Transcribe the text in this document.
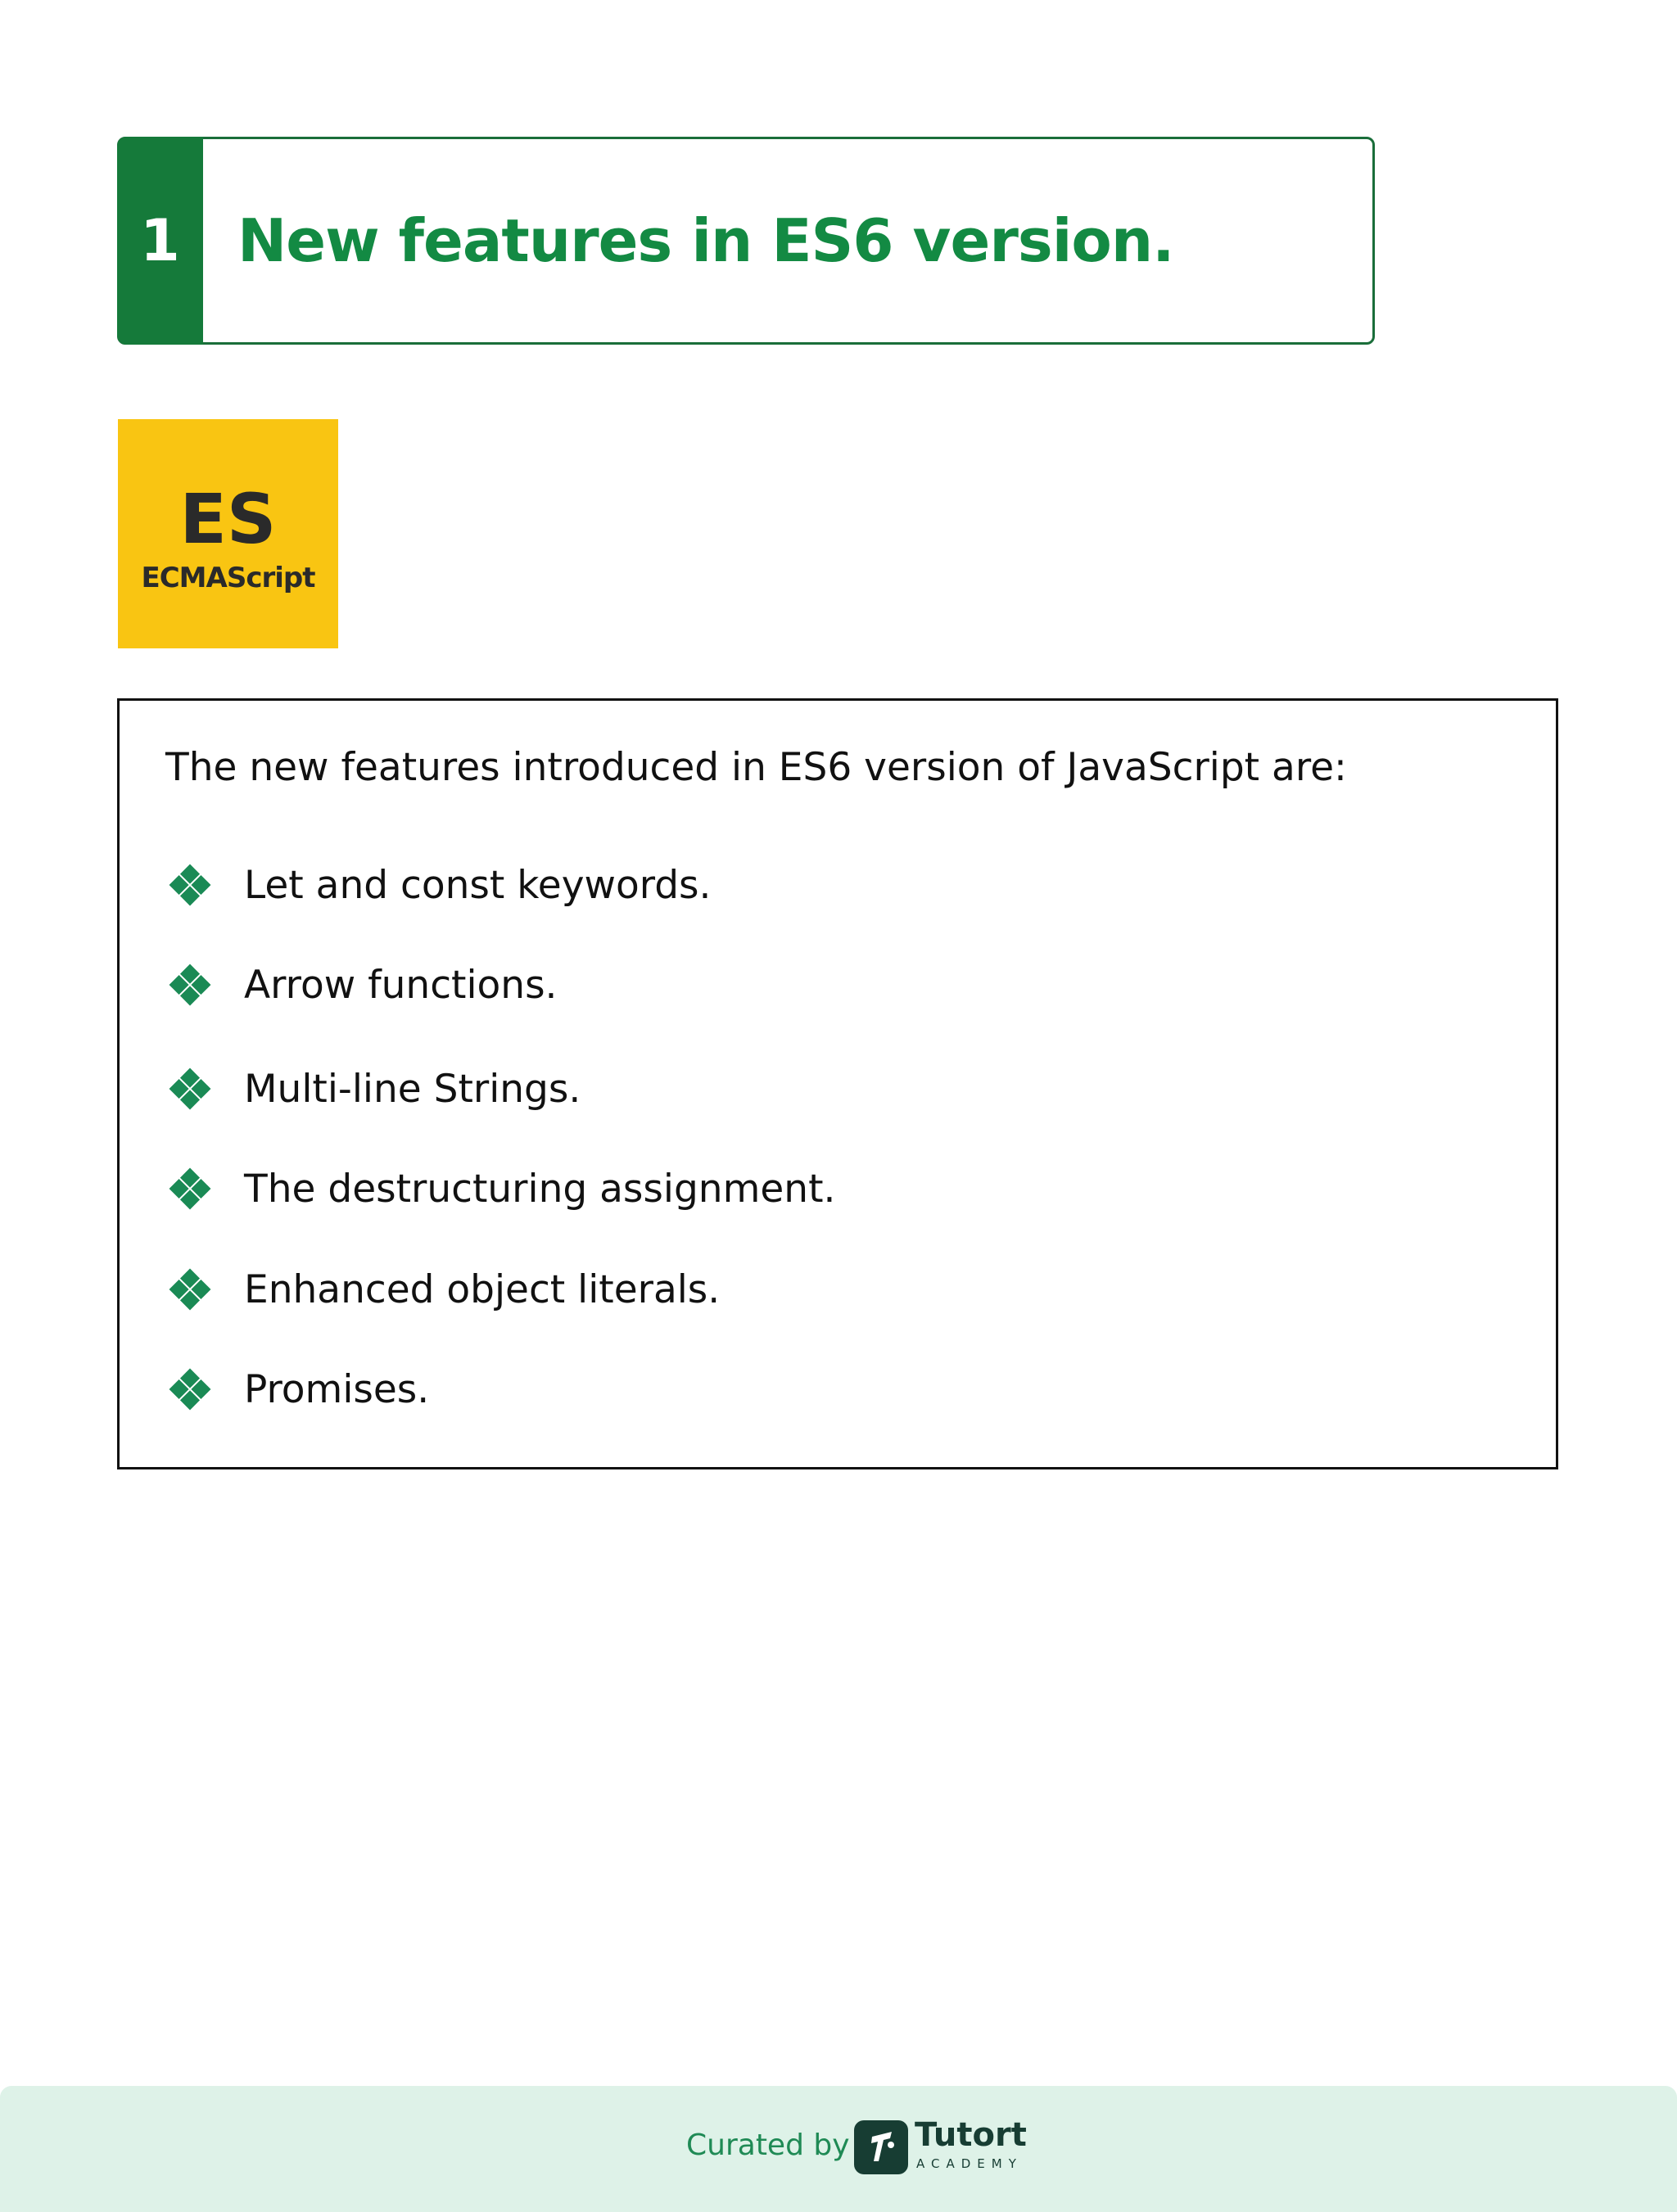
1 New features in ES6 version.
ES
ECMAScript
The new features introduced in ES6 version of JavaScript are:
Let and const keywords.
Arrow functions.
Multi-line Strings.
The destructuring assignment.
Enhanced object literals.
Promises.
Curated by Tutort
ACADEMY
